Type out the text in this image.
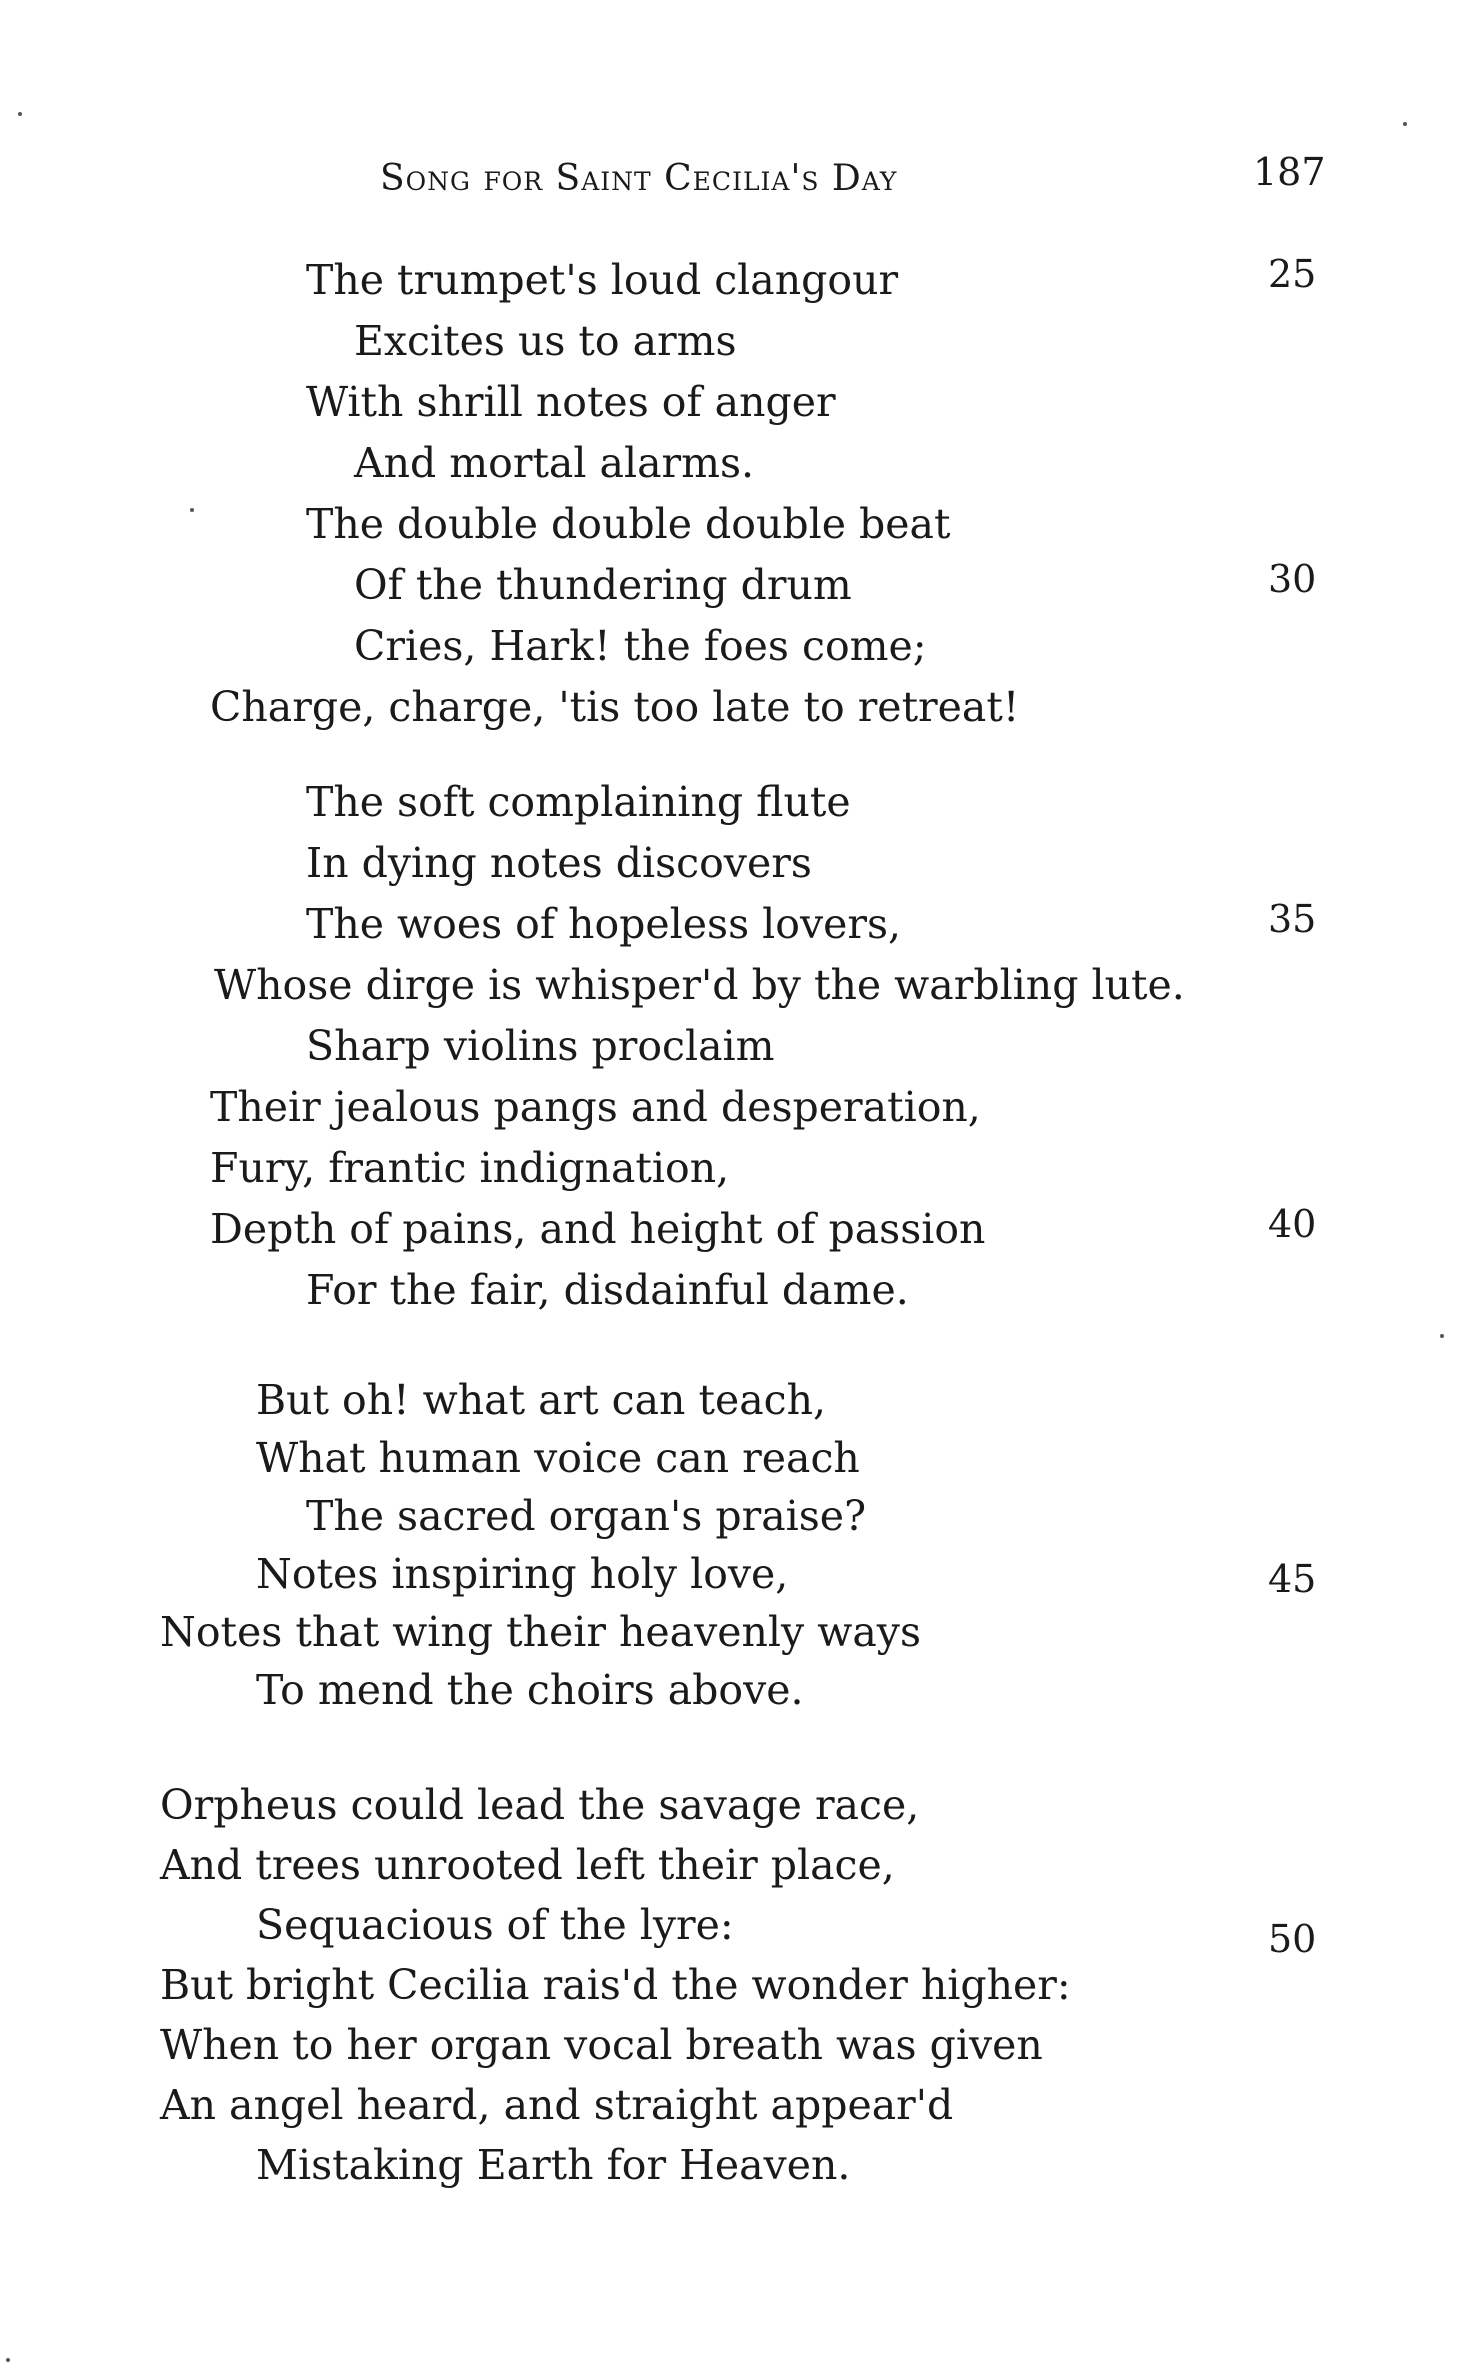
Song for Saint Cecilia's Day	187
The trumpet's loud clangour
Excites us to arms
With shrill notes of anger
And mortal alarms.
The double double double beat
Of the thundering drum
Cries, Hark! the foes come;
Charge, charge, 'tis too late to retreat!
The soft complaining flute
In dying notes discovers
The woes of hopeless lovers,
Whose dirge is whisper'd by the warbling lute.
Sharp violins proclaim
Their jealous pangs and desperation,
Fury, frantic indignation,
Depth of pains, and height of passion
For the fair, disdainful dame.
But oh! what art can teach,
What human voice can reach
The sacred organ's praise?
Notes inspiring holy love,
Notes that wing their heavenly ways
To mend the choirs above.
Orpheus could lead the savage race,
And trees unrooted left their place,
Sequacious of the lyre:
But bright Cecilia rais'd the wonder higher:
When to her organ vocal breath was given
An angel heard, and straight appear'd
Mistaking Earth for Heaven.
25
30
35
40
45
50
